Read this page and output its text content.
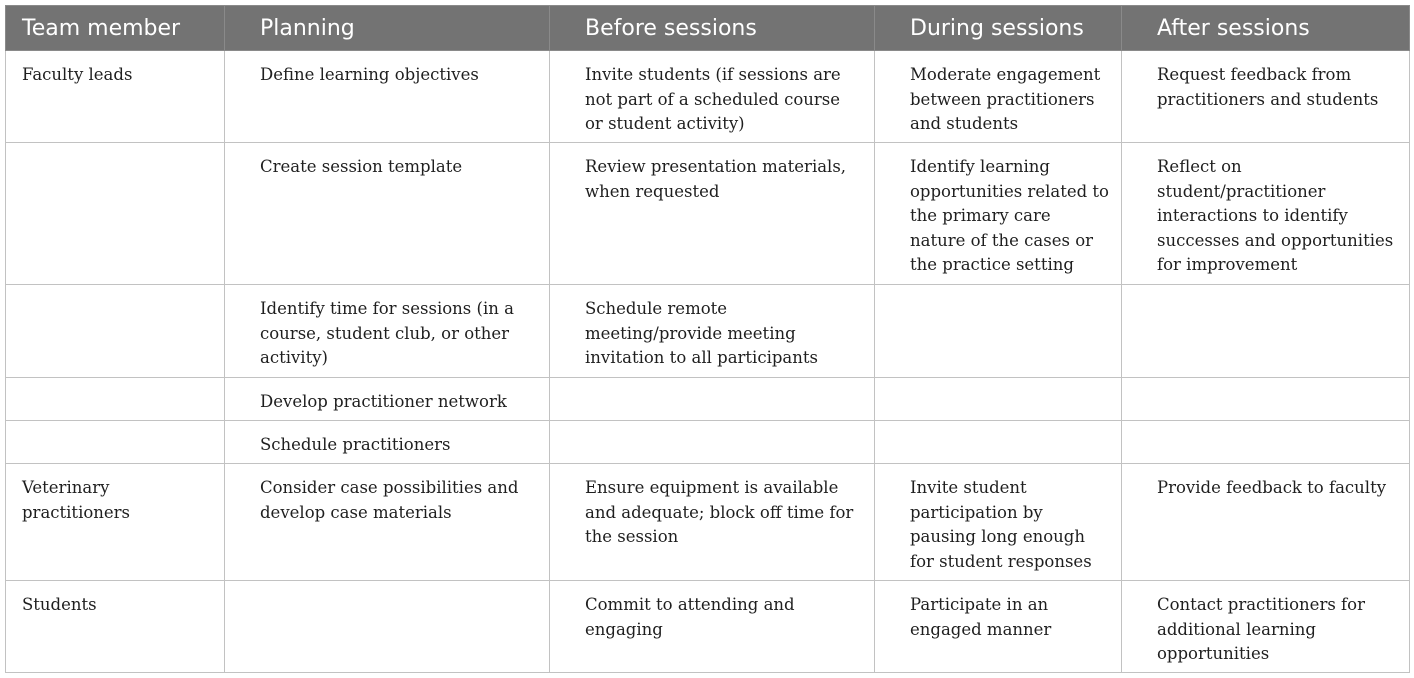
Team member	Planning	Before sessions	During sessions	After sessions
Faculty leads	Define learning objectives	Invite students (if sessions are not part of a scheduled course or student activity)	Moderate engagement between practitioners and students	Request feedback from practitioners and students
	Create session template	Review presentation materials, when requested	Identify learning opportunities related to the primary care nature of the cases or the practice setting	Reflect on student/practitioner interactions to identify successes and opportunities for improvement
	Identify time for sessions (in a course, student club, or other activity)	Schedule remote meeting/provide meeting invitation to all participants		
	Develop practitioner network			
	Schedule practitioners			
Veterinary practitioners	Consider case possibilities and develop case materials	Ensure equipment is available and adequate; block off time for the session	Invite student participation by pausing long enough for student responses	Provide feedback to faculty
Students		Commit to attending and engaging	Participate in an engaged manner	Contact practitioners for additional learning opportunities
